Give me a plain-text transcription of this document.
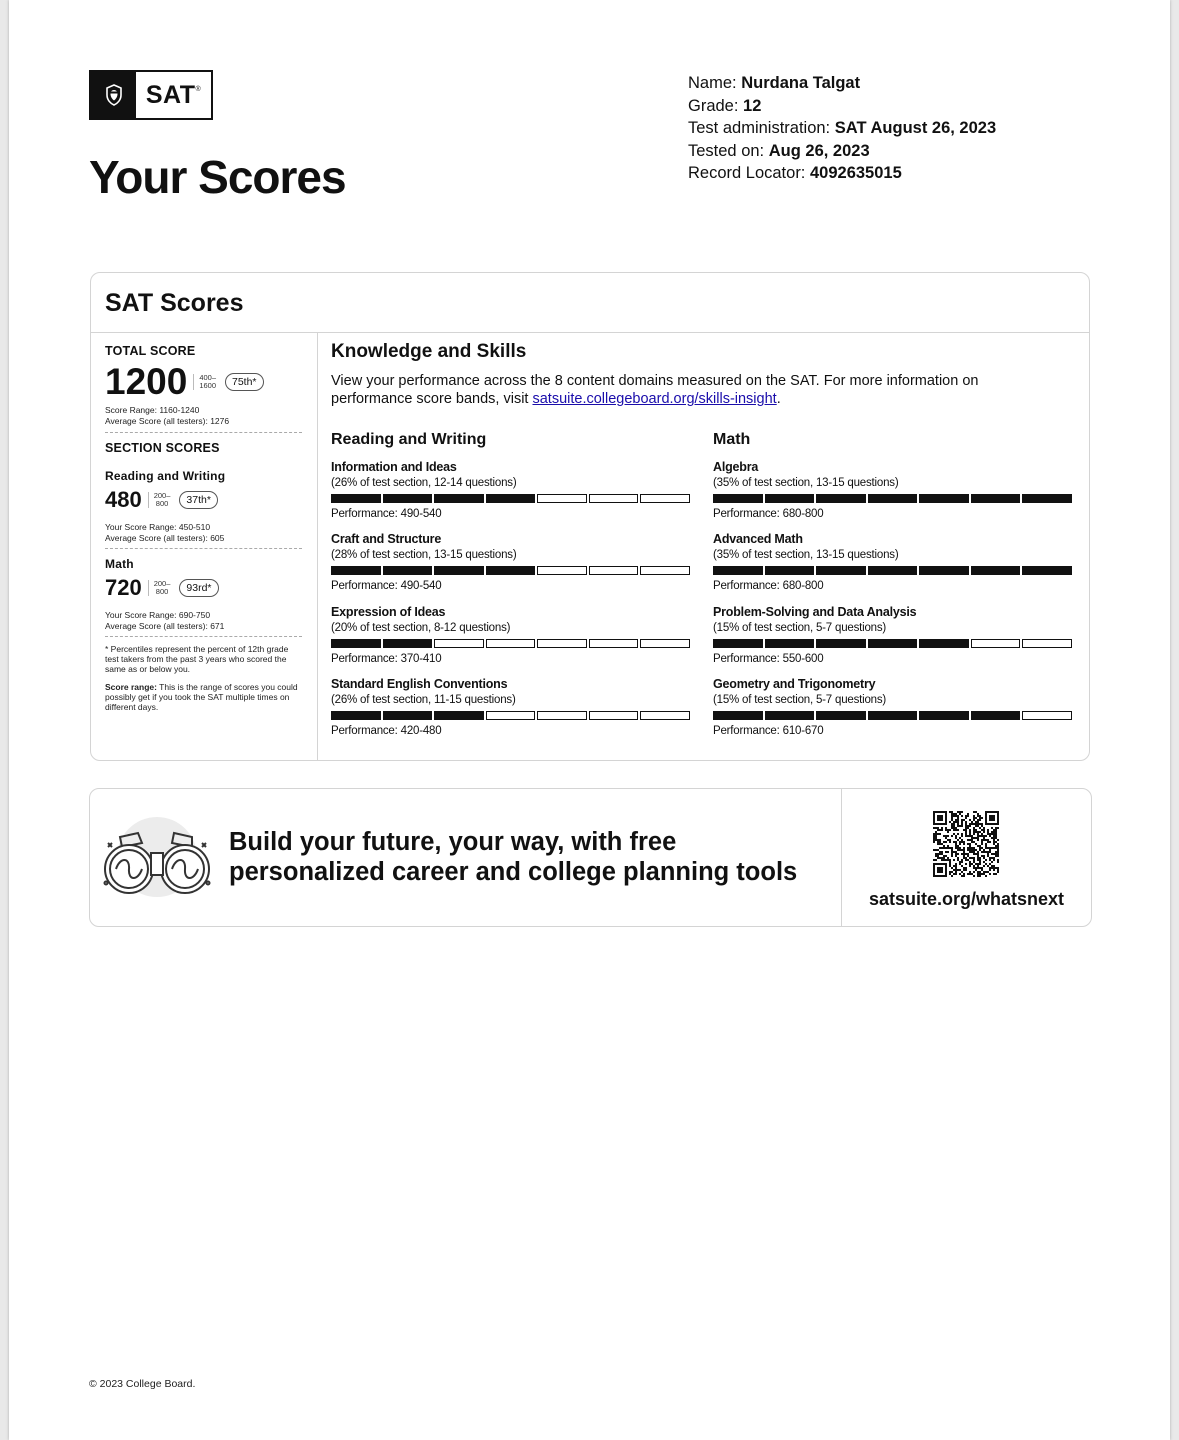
SAT®
Your Scores
Name: Nurdana Talgat
Grade: 12
Test administration: SAT August 26, 2023
Tested on: Aug 26, 2023
Record Locator: 4092635015
SAT Scores
TOTAL SCORE
1200	400–
1600	75th*
Score Range: 1160-1240
Average Score (all testers): 1276
SECTION SCORES
Reading and Writing
480	200–
800	37th*
Your Score Range: 450-510
Average Score (all testers): 605
Math
720	200–
800	93rd*
Your Score Range: 690-750
Average Score (all testers): 671
* Percentiles represent the percent of 12th grade test takers from the past 3 years who scored the same as or below you.
Score range: This is the range of scores you could possibly get if you took the SAT multiple times on different days.
Knowledge and Skills
View your performance across the 8 content domains measured on the SAT. For more information on performance score bands, visit satsuite.collegeboard.org/skills-insight.
Reading and Writing	Math
Information and Ideas
(26% of test section, 12-14 questions)
Performance: 490-540
Craft and Structure
(28% of test section, 13-15 questions)
Performance: 490-540
Expression of Ideas
(20% of test section, 8-12 questions)
Performance: 370-410
Standard English Conventions
(26% of test section, 11-15 questions)
Performance: 420-480
Algebra
(35% of test section, 13-15 questions)
Performance: 680-800
Advanced Math
(35% of test section, 13-15 questions)
Performance: 680-800
Problem-Solving and Data Analysis
(15% of test section, 5-7 questions)
Performance: 550-600
Geometry and Trigonometry
(15% of test section, 5-7 questions)
Performance: 610-670
Build your future, your way, with free personalized career and college planning tools
satsuite.org/whatsnext
© 2023 College Board.
